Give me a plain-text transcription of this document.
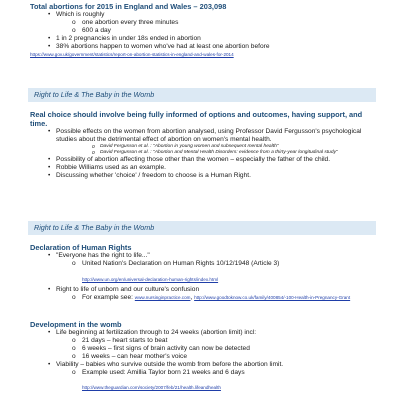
Total abortions for 2015 in England and Wales – 203,098
• Which is roughly
o one abortion every three minutes
o 600 a day
• 1 in 2 pregnancies in under 18s ended in abortion
• 38% abortions happen to women who've had at least one abortion before
https://www.gov.uk/government/statistics/report-on-abortion-statistics-in-england-and-wales-for-2014
Right to Life & The Baby in the Womb
Real choice should involve being fully informed of options and outcomes, having support, and time.
• Possible effects on the women from abortion analysed, using Professor David Fergusson's psychological studies about the detrimental effect of abortion on women's mental health.
o David Fergusson et al. : "Abortion in young women and subsequent mental health"
o David Fergusson et al. : "Abortion and Mental Health Disorders: evidence from a thirty-year longitudinal study"
• Possibility of abortion affecting those other than the women – especially the father of the child.
• Robbie Williams used as an example.
• Discussing whether 'choice' / freedom to choose is a Human Right.
Right to Life & The Baby in the Womb
Declaration of Human Rights
• "Everyone has the right to life..."
o United Nation's Declaration on Human Rights 10/12/1948 (Article 3)
http://www.un.org/en/universal-declaration-human-rights/index.html
• Right to life of unborn and our culture's confusion
o For example see: www.nursinginpractice.com, http://www.goodtoknow.co.uk/family/400854/-100-Health-in-Pregnancy-Grant
Development in the womb
• Life beginning at fertilization through to 24 weeks (abortion limit) incl:
o 21 days – heart starts to beat
o 6 weeks – first signs of brain activity can now be detected
o 16 weeks – can hear mother's voice
• Viability – babies who survive outside the womb from before the abortion limit.
o Example used: Amillia Taylor born 21 weeks and 6 days
http://www.theguardian.com/society/2007/feb/21/health.lifeandhealth
